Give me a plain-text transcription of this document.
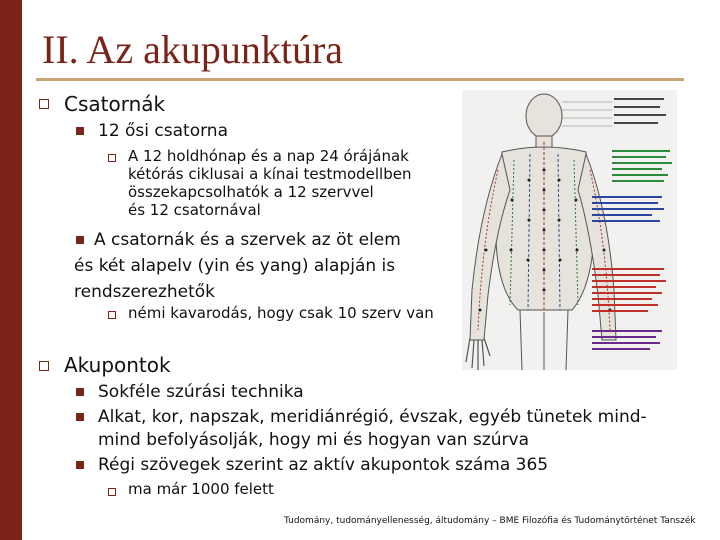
II. Az akupunktúra
Csatornák
12 ősi csatorna
A 12 holdhónap és a nap 24 órájának
kétórás ciklusai a kínai testmodellben
összekapcsolhatók a 12 szervvel
és 12 csatornával
A csatornák és a szervek az öt elem
és két alapelv (yin és yang) alapján is
rendszerezhetők
némi kavarodás, hogy csak 10 szerv van
Akupontok
Sokféle szúrási technika
Alkat, kor, napszak, meridiánrégió, évszak, egyéb tünetek mind-
mind befolyásolják, hogy mi és hogyan van szúrva
Régi szövegek szerint az aktív akupontok száma 365
ma már 1000 felett
Tudomány, tudományellenesség, áltudomány – BME Filozófia és Tudománytörténet Tanszék
